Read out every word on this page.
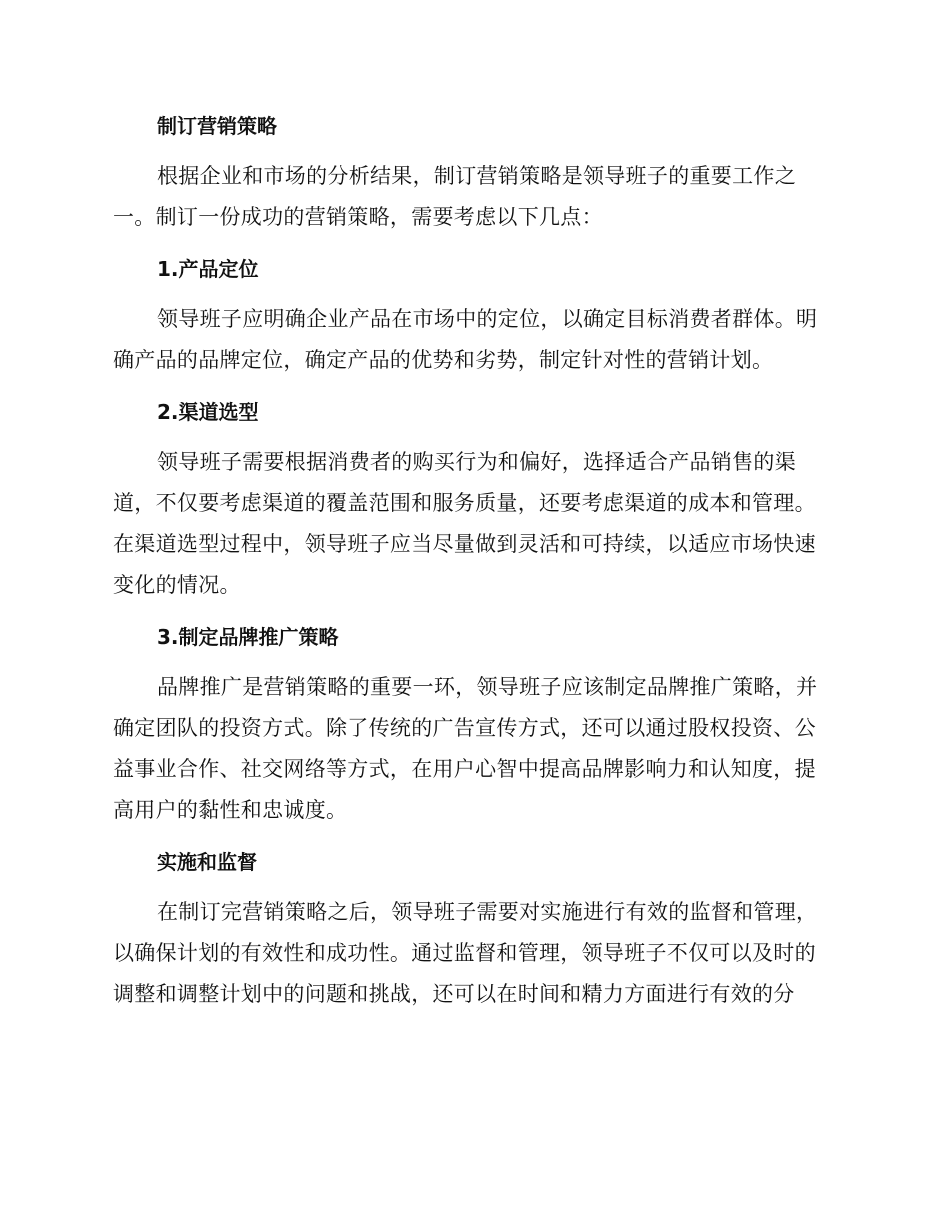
制订营销策略

根据企业和市场的分析结果，制订营销策略是领导班子的重要工作之一。制订一份成功的营销策略，需要考虑以下几点：

1.产品定位

领导班子应明确企业产品在市场中的定位，以确定目标消费者群体。明确产品的品牌定位，确定产品的优势和劣势，制定针对性的营销计划。

2.渠道选型

领导班子需要根据消费者的购买行为和偏好，选择适合产品销售的渠道，不仅要考虑渠道的覆盖范围和服务质量，还要考虑渠道的成本和管理。在渠道选型过程中，领导班子应当尽量做到灵活和可持续，以适应市场快速变化的情况。

3.制定品牌推广策略

品牌推广是营销策略的重要一环，领导班子应该制定品牌推广策略，并确定团队的投资方式。除了传统的广告宣传方式，还可以通过股权投资、公益事业合作、社交网络等方式，在用户心智中提高品牌影响力和认知度，提高用户的黏性和忠诚度。

实施和监督

在制订完营销策略之后，领导班子需要对实施进行有效的监督和管理，以确保计划的有效性和成功性。通过监督和管理，领导班子不仅可以及时的调整和调整计划中的问题和挑战，还可以在时间和精力方面进行有效的分
